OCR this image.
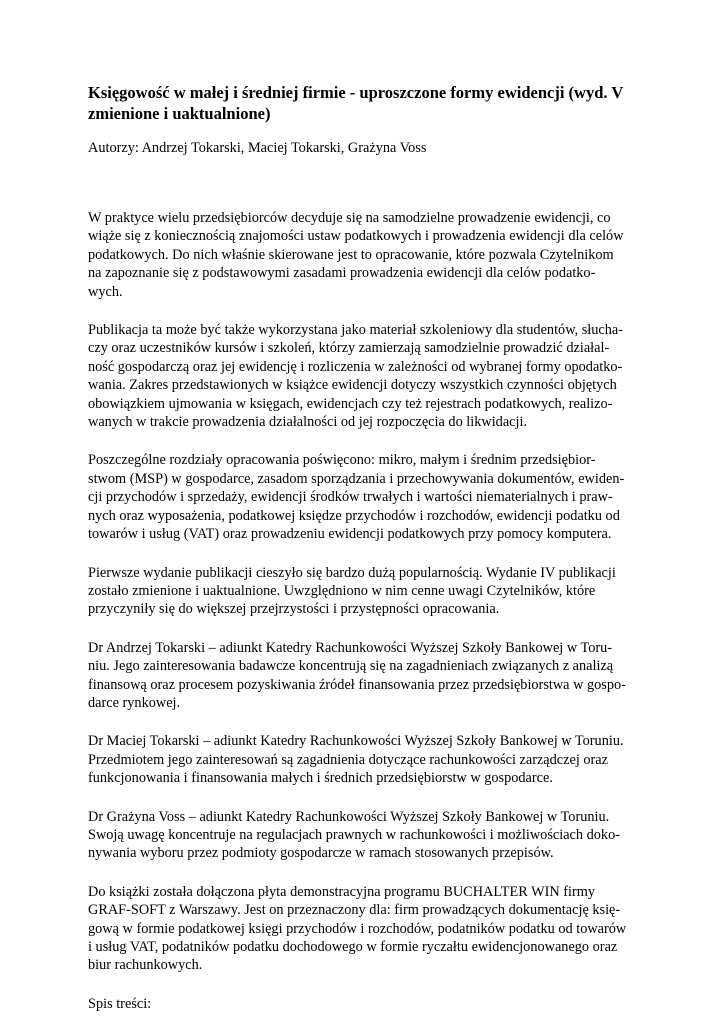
Księgowość w małej i średniej firmie - uproszczone formy ewidencji (wyd. V zmienione i uaktualnione)

Autorzy: Andrzej Tokarski, Maciej Tokarski, Grażyna Voss

W praktyce wielu przedsiębiorców decyduje się na samodzielne prowadzenie ewidencji, co
wiąże się z koniecznością znajomości ustaw podatkowych i prowadzenia ewidencji dla celów
podatkowych. Do nich właśnie skierowane jest to opracowanie, które pozwala Czytelnikom
na zapoznanie się z podstawowymi zasadami prowadzenia ewidencji dla celów podatko-
wych.

Publikacja ta może być także wykorzystana jako materiał szkoleniowy dla studentów, słucha-
czy oraz uczestników kursów i szkoleń, którzy zamierzają samodzielnie prowadzić działal-
ność gospodarczą oraz jej ewidencję i rozliczenia w zależności od wybranej formy opodatko-
wania. Zakres przedstawionych w książce ewidencji dotyczy wszystkich czynności objętych
obowiązkiem ujmowania w księgach, ewidencjach czy też rejestrach podatkowych, realizo-
wanych w trakcie prowadzenia działalności od jej rozpoczęcia do likwidacji.

Poszczególne rozdziały opracowania poświęcono: mikro, małym i średnim przedsiębior-
stwom (MSP) w gospodarce, zasadom sporządzania i przechowywania dokumentów, ewiden-
cji przychodów i sprzedaży, ewidencji środków trwałych i wartości niematerialnych i praw-
nych oraz wyposażenia, podatkowej księdze przychodów i rozchodów, ewidencji podatku od
towarów i usług (VAT) oraz prowadzeniu ewidencji podatkowych przy pomocy komputera.

Pierwsze wydanie publikacji cieszyło się bardzo dużą popularnością. Wydanie IV publikacji
zostało zmienione i uaktualnione. Uwzględniono w nim cenne uwagi Czytelników, które
przyczyniły się do większej przejrzystości i przystępności opracowania.

Dr Andrzej Tokarski – adiunkt Katedry Rachunkowości Wyższej Szkoły Bankowej w Toru-
niu. Jego zainteresowania badawcze koncentrują się na zagadnieniach związanych z analizą
finansową oraz procesem pozyskiwania źródeł finansowania przez przedsiębiorstwa w gospo-
darce rynkowej.

Dr Maciej Tokarski – adiunkt Katedry Rachunkowości Wyższej Szkoły Bankowej w Toruniu.
Przedmiotem jego zainteresowań są zagadnienia dotyczące rachunkowości zarządczej oraz
funkcjonowania i finansowania małych i średnich przedsiębiorstw w gospodarce.

Dr Grażyna Voss – adiunkt Katedry Rachunkowości Wyższej Szkoły Bankowej w Toruniu.
Swoją uwagę koncentruje na regulacjach prawnych w rachunkowości i możliwościach doko-
nywania wyboru przez podmioty gospodarcze w ramach stosowanych przepisów.

Do książki została dołączona płyta demonstracyjna programu BUCHALTER WIN firmy
GRAF-SOFT z Warszawy. Jest on przeznaczony dla: firm prowadzących dokumentację księ-
gową w formie podatkowej księgi przychodów i rozchodów, podatników podatku od towarów
i usług VAT, podatników podatku dochodowego w formie ryczałtu ewidencjonowanego oraz
biur rachunkowych.

Spis treści:
